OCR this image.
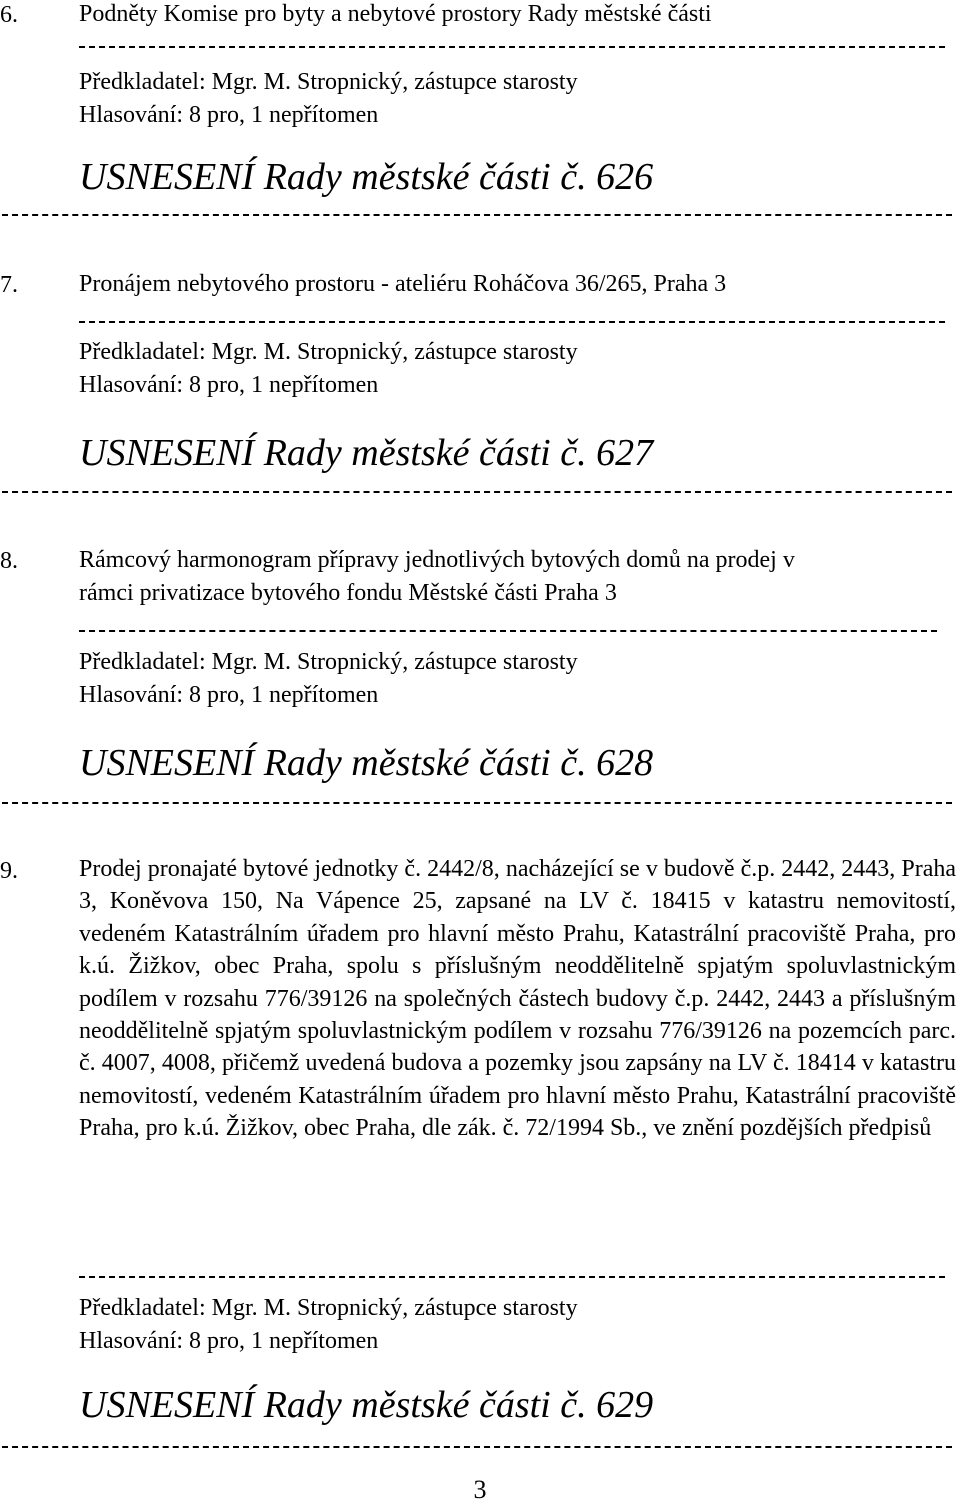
6.	Podněty Komise pro byty a nebytové prostory Rady městské části
Předkladatel: Mgr. M. Stropnický, zástupce starosty
Hlasování: 8 pro, 1 nepřítomen
USNESENÍ Rady městské části č. 626
7.	Pronájem nebytového prostoru - ateliéru Roháčova 36/265, Praha 3
Předkladatel: Mgr. M. Stropnický, zástupce starosty
Hlasování: 8 pro, 1 nepřítomen
USNESENÍ Rady městské části č. 627
8.	Rámcový harmonogram přípravy jednotlivých bytových domů na prodej v
rámci privatizace bytového fondu Městské části Praha 3
Předkladatel: Mgr. M. Stropnický, zástupce starosty
Hlasování: 8 pro, 1 nepřítomen
USNESENÍ Rady městské části č. 628
9.	Prodej pronajaté bytové jednotky č. 2442/8, nacházející se v budově č.p. 2442, 2443, Praha 3, Koněvova 150, Na Vápence 25, zapsané na LV č. 18415 v katastru nemovitostí, vedeném Katastrálním úřadem pro hlavní město Prahu, Katastrální pracoviště Praha, pro k.ú. Žižkov, obec Praha, spolu s příslušným neoddělitelně spjatým spoluvlastnickým podílem v rozsahu 776/39126 na společných částech budovy č.p. 2442, 2443 a příslušným neoddělitelně spjatým spoluvlastnickým podílem v rozsahu 776/39126 na pozemcích parc. č. 4007, 4008, přičemž uvedená budova a pozemky jsou zapsány na LV č. 18414 v katastru nemovitostí, vedeném Katastrálním úřadem pro hlavní město Prahu, Katastrální pracoviště Praha, pro k.ú. Žižkov, obec Praha, dle zák. č. 72/1994 Sb., ve znění pozdějších předpisů
Předkladatel: Mgr. M. Stropnický, zástupce starosty
Hlasování: 8 pro, 1 nepřítomen
USNESENÍ Rady městské části č. 629
3
